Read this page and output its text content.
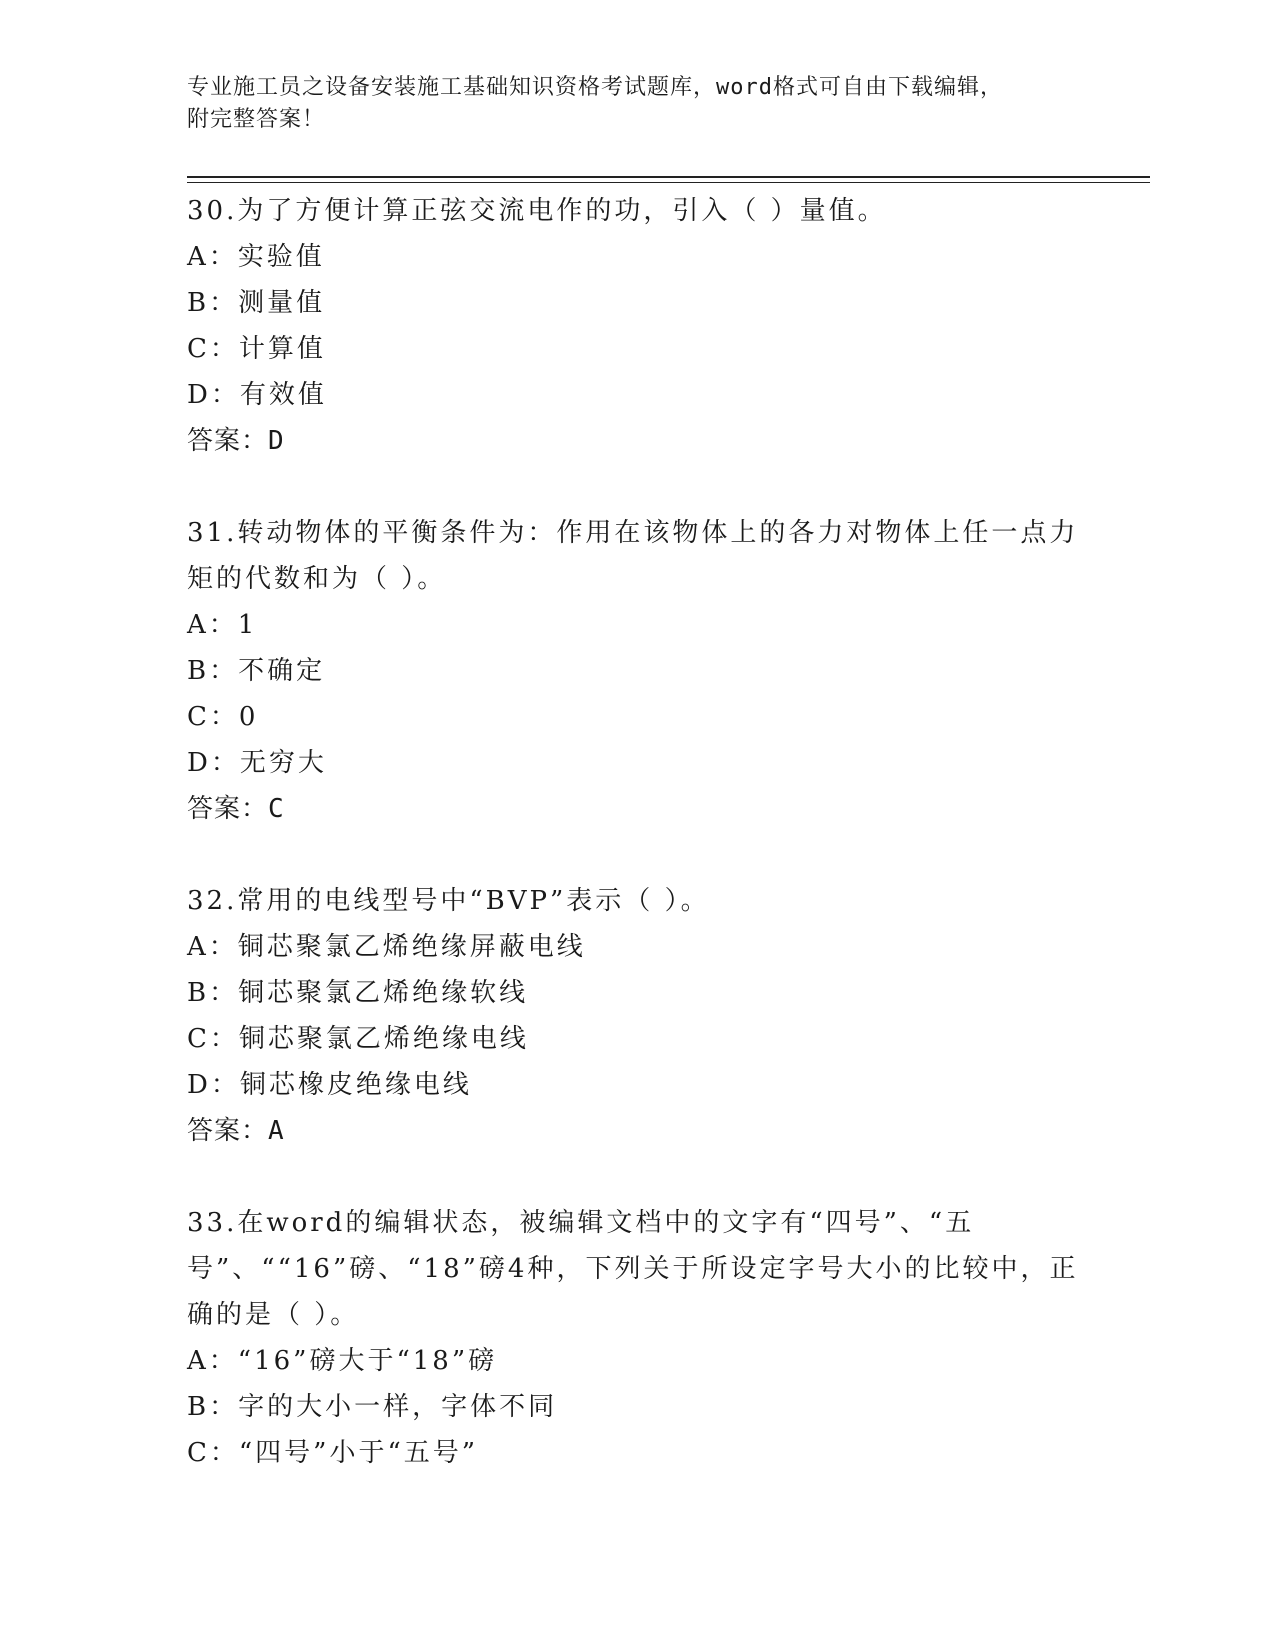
专业施工员之设备安装施工基础知识资格考试题库，word格式可自由下载编辑，
附完整答案！

30.为了方便计算正弦交流电作的功，引入（ ）量值。

A：实验值

B：测量值

C：计算值

D：有效值

答案：D

31.转动物体的平衡条件为：作用在该物体上的各力对物体上任一点力矩的代数和为（ ）。

A：1

B：不确定

C：0

D：无穷大

答案：C

32.常用的电线型号中“BVP”表示（ ）。

A：铜芯聚氯乙烯绝缘屏蔽电线

B：铜芯聚氯乙烯绝缘软线

C：铜芯聚氯乙烯绝缘电线

D：铜芯橡皮绝缘电线

答案：A

33.在word的编辑状态，被编辑文档中的文字有“四号”、“五号”、““16”磅、“18”磅4种，下列关于所设定字号大小的比较中，正确的是（ ）。

A：“16”磅大于“18”磅

B：字的大小一样，字体不同

C：“四号”小于“五号”
